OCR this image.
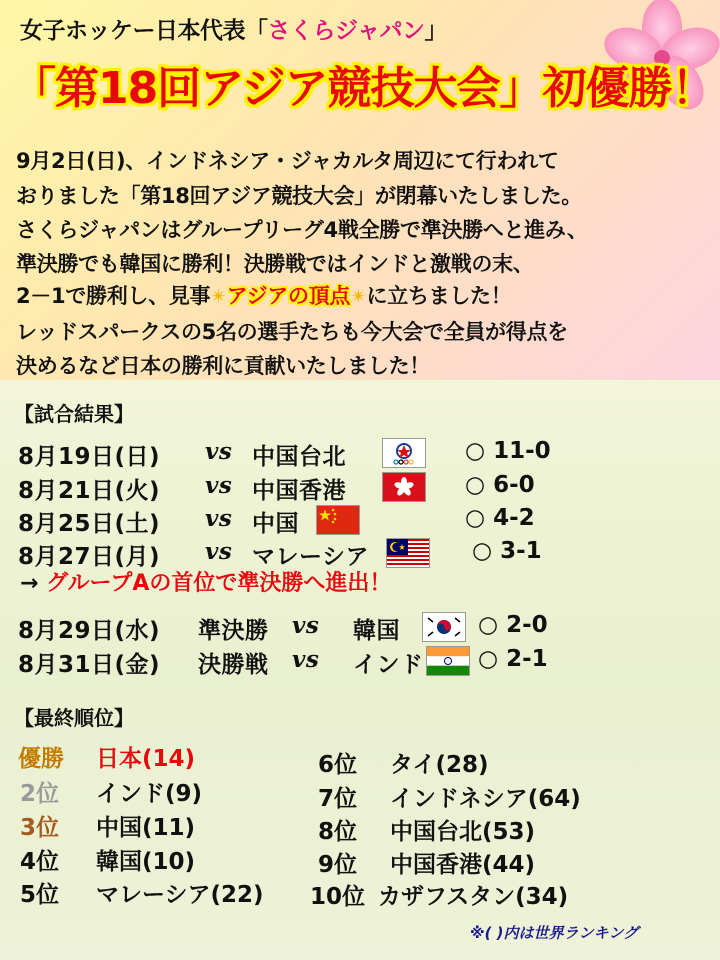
女子ホッケー日本代表「さくらジャパン」
「第18回アジア競技大会」初優勝！
9月2日(日)、インドネシア・ジャカルタ周辺にて行われて
おりました「第18回アジア競技大会」が閉幕いたしました。
さくらジャパンはグループリーグ4戦全勝で準決勝へと進み、
準決勝でも韓国に勝利！決勝戦ではインドと激戦の末、
2－1で勝利し、見事✴アジアの頂点✴に立ちました！
レッドスパークスの5名の選手たちも今大会で全員が得点を
決めるなど日本の勝利に貢献いたしました！
【試合結果】
8月19日(日) vs 中国台北	○ 11-0
8月21日(火) vs 中国香港	○ 6-0
8月25日(土) vs 中国	○ 4-2
8月27日(月) vs マレーシア	○ 3-1
→ グループAの首位で準決勝へ進出！
8月29日(水) 準決勝 vs 韓国	○ 2-0
8月31日(金) 決勝戦 vs インド ○ 2-1
【最終順位】
優勝 日本(14)
2位 インド(9)
3位 中国(11)
4位 韓国(10)
5位 マレーシア(22)
6位 タイ(28)
7位 インドネシア(64)
8位 中国台北(53)
9位 中国香港(44)
10位 カザフスタン(34)
※( )内は世界ランキング
